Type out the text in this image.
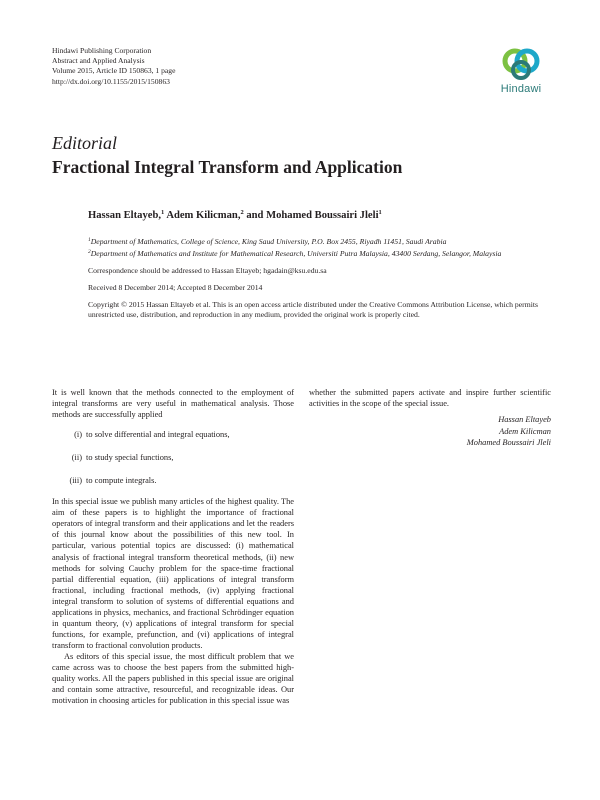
Hindawi Publishing Corporation
Abstract and Applied Analysis
Volume 2015, Article ID 150863, 1 page
http://dx.doi.org/10.1155/2015/150863
Hindawi
Editorial
Fractional Integral Transform and Application
Hassan Eltayeb,$^1$ Adem Kilicman,$^2$ and Mohamed Boussairi Jleli$^1$
$^1$Department of Mathematics, College of Science, King Saud University, P.O. Box 2455, Riyadh 11451, Saudi Arabia
$^2$Department of Mathematics and Institute for Mathematical Research, Universiti Putra Malaysia, 43400 Serdang, Selangor, Malaysia
Correspondence should be addressed to Hassan Eltayeb; hgadain@ksu.edu.sa
Received 8 December 2014; Accepted 8 December 2014
Copyright © 2015 Hassan Eltayeb et al. This is an open access article distributed under the Creative Commons Attribution License, which permits unrestricted use, distribution, and reproduction in any medium, provided the original work is properly cited.

It is well known that the methods connected to the employment of integral transforms are very useful in mathematical analysis. Those methods are successfully applied

(i) to solve differential and integral equations,
(ii) to study special functions,
(iii) to compute integrals.

In this special issue we publish many articles of the highest quality. The aim of these papers is to highlight the importance of fractional operators of integral transform and their applications and let the readers of this journal know about the possibilities of this new tool. In particular, various potential topics are discussed: (i) mathematical analysis of fractional integral transform theoretical methods, (ii) new methods for solving Cauchy problem for the space-time fractional partial differential equation, (iii) applications of integral transform fractional, including fractional methods, (iv) applying fractional integral transform to solution of systems of differential equations and applications in physics, mechanics, and fractional Schrödinger equation in quantum theory, (v) applications of integral transform for special functions, for example, prefunction, and (vi) applications of integral transform to fractional convolution products.

As editors of this special issue, the most difficult problem that we came across was to choose the best papers from the submitted high-quality works. All the papers published in this special issue are original and contain some attractive, resourceful, and recognizable ideas. Our motivation in choosing articles for publication in this special issue was

whether the submitted papers activate and inspire further scientific activities in the scope of the special issue.

Hassan Eltayeb
Adem Kilicman
Mohamed Boussairi Jleli
